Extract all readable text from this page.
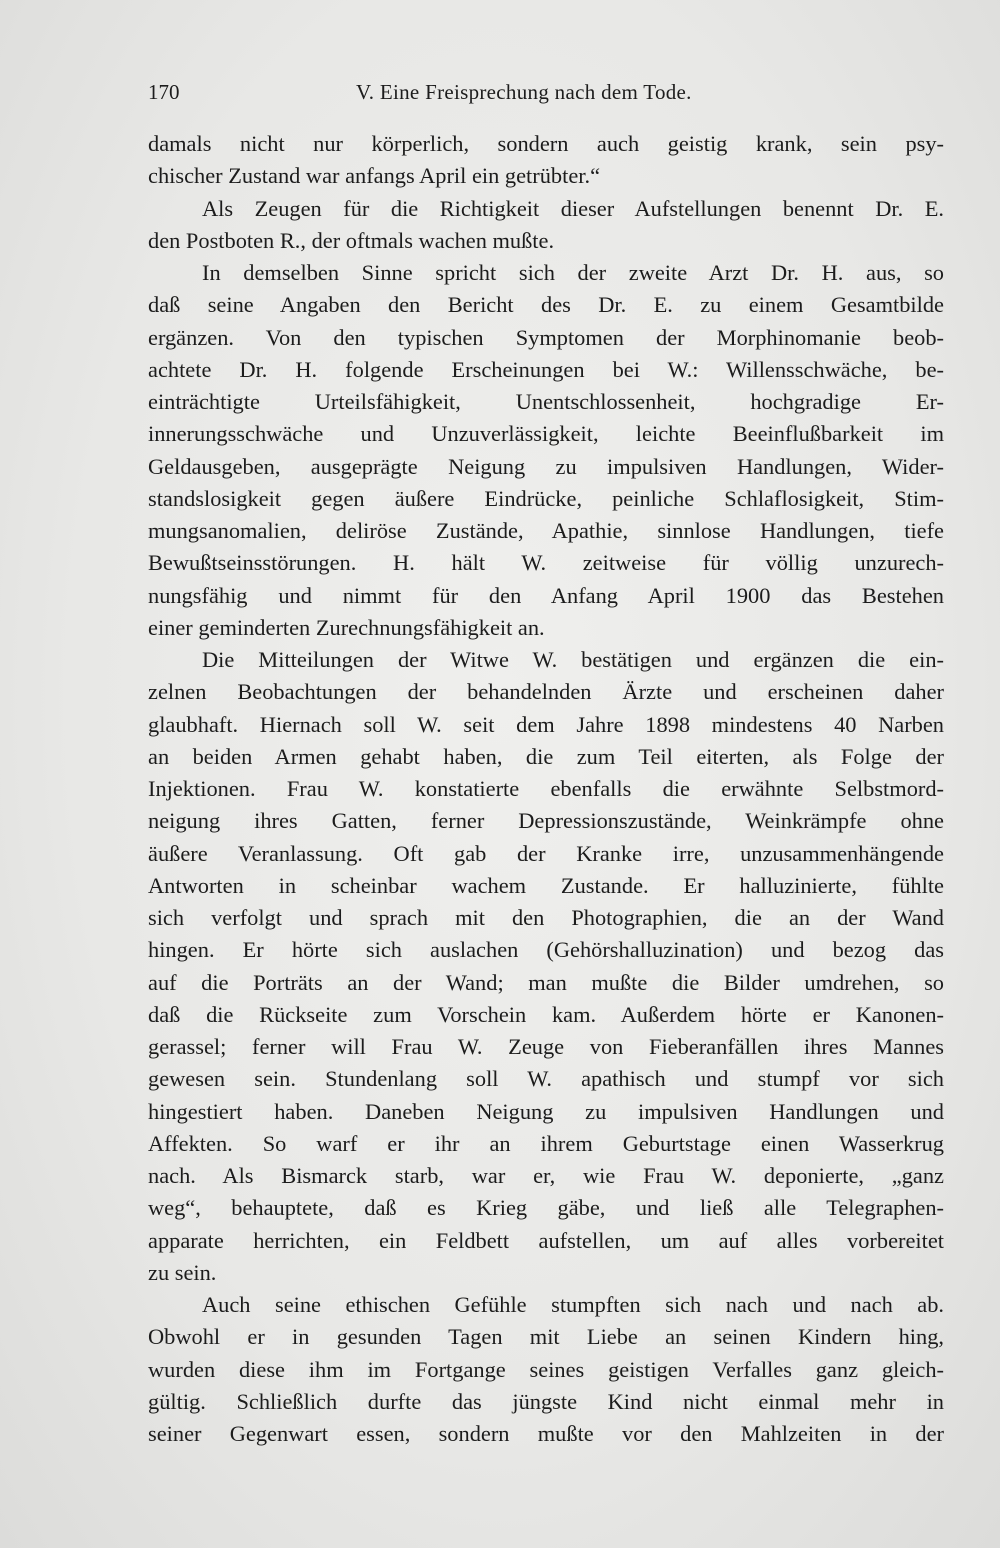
170	V. Eine Freisprechung nach dem Tode.
damals nicht nur körperlich, sondern auch geistig krank, sein psy-
chischer Zustand war anfangs April ein getrübter.“
Als Zeugen für die Richtigkeit dieser Aufstellungen benennt Dr. E.
den Postboten R., der oftmals wachen mußte.
In demselben Sinne spricht sich der zweite Arzt Dr. H. aus, so
daß seine Angaben den Bericht des Dr. E. zu einem Gesamtbilde
ergänzen. Von den typischen Symptomen der Morphinomanie beob-
achtete Dr. H. folgende Erscheinungen bei W.: Willensschwäche, be-
einträchtigte Urteilsfähigkeit, Unentschlossenheit, hochgradige Er-
innerungsschwäche und Unzuverlässigkeit, leichte Beeinflußbarkeit im
Geldausgeben, ausgeprägte Neigung zu impulsiven Handlungen, Wider-
standslosigkeit gegen äußere Eindrücke, peinliche Schlaflosigkeit, Stim-
mungsanomalien, deliröse Zustände, Apathie, sinnlose Handlungen, tiefe
Bewußtseinsstörungen. H. hält W. zeitweise für völlig unzurech-
nungsfähig und nimmt für den Anfang April 1900 das Bestehen
einer geminderten Zurechnungsfähigkeit an.
Die Mitteilungen der Witwe W. bestätigen und ergänzen die ein-
zelnen Beobachtungen der behandelnden Ärzte und erscheinen daher
glaubhaft. Hiernach soll W. seit dem Jahre 1898 mindestens 40 Narben
an beiden Armen gehabt haben, die zum Teil eiterten, als Folge der
Injektionen. Frau W. konstatierte ebenfalls die erwähnte Selbstmord-
neigung ihres Gatten, ferner Depressionszustände, Weinkrämpfe ohne
äußere Veranlassung. Oft gab der Kranke irre, unzusammenhängende
Antworten in scheinbar wachem Zustande. Er halluzinierte, fühlte
sich verfolgt und sprach mit den Photographien, die an der Wand
hingen. Er hörte sich auslachen (Gehörshalluzination) und bezog das
auf die Porträts an der Wand; man mußte die Bilder umdrehen, so
daß die Rückseite zum Vorschein kam. Außerdem hörte er Kanonen-
gerassel; ferner will Frau W. Zeuge von Fieberanfällen ihres Mannes
gewesen sein. Stundenlang soll W. apathisch und stumpf vor sich
hingestiert haben. Daneben Neigung zu impulsiven Handlungen und
Affekten. So warf er ihr an ihrem Geburtstage einen Wasserkrug
nach. Als Bismarck starb, war er, wie Frau W. deponierte, „ganz
weg“, behauptete, daß es Krieg gäbe, und ließ alle Telegraphen-
apparate herrichten, ein Feldbett aufstellen, um auf alles vorbereitet
zu sein.
Auch seine ethischen Gefühle stumpften sich nach und nach ab.
Obwohl er in gesunden Tagen mit Liebe an seinen Kindern hing,
wurden diese ihm im Fortgange seines geistigen Verfalles ganz gleich-
gültig. Schließlich durfte das jüngste Kind nicht einmal mehr in
seiner Gegenwart essen, sondern mußte vor den Mahlzeiten in der
